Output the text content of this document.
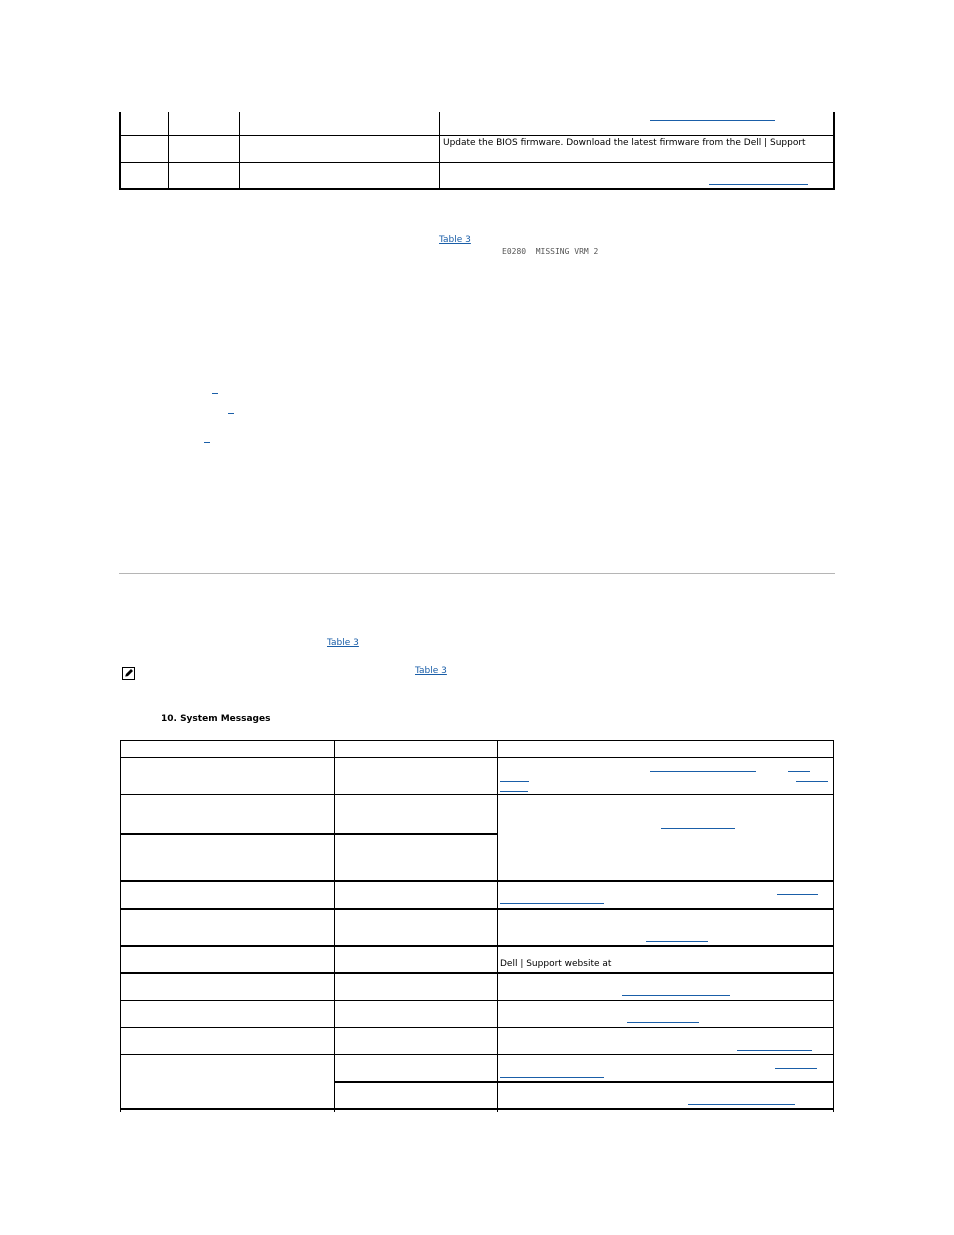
Update the BIOS firmware. Download the latest firmware from the Dell | Support
Table 3
E0280  MISSING VRM 2
Table 3
Table 3
10. System Messages
Dell | Support website at
